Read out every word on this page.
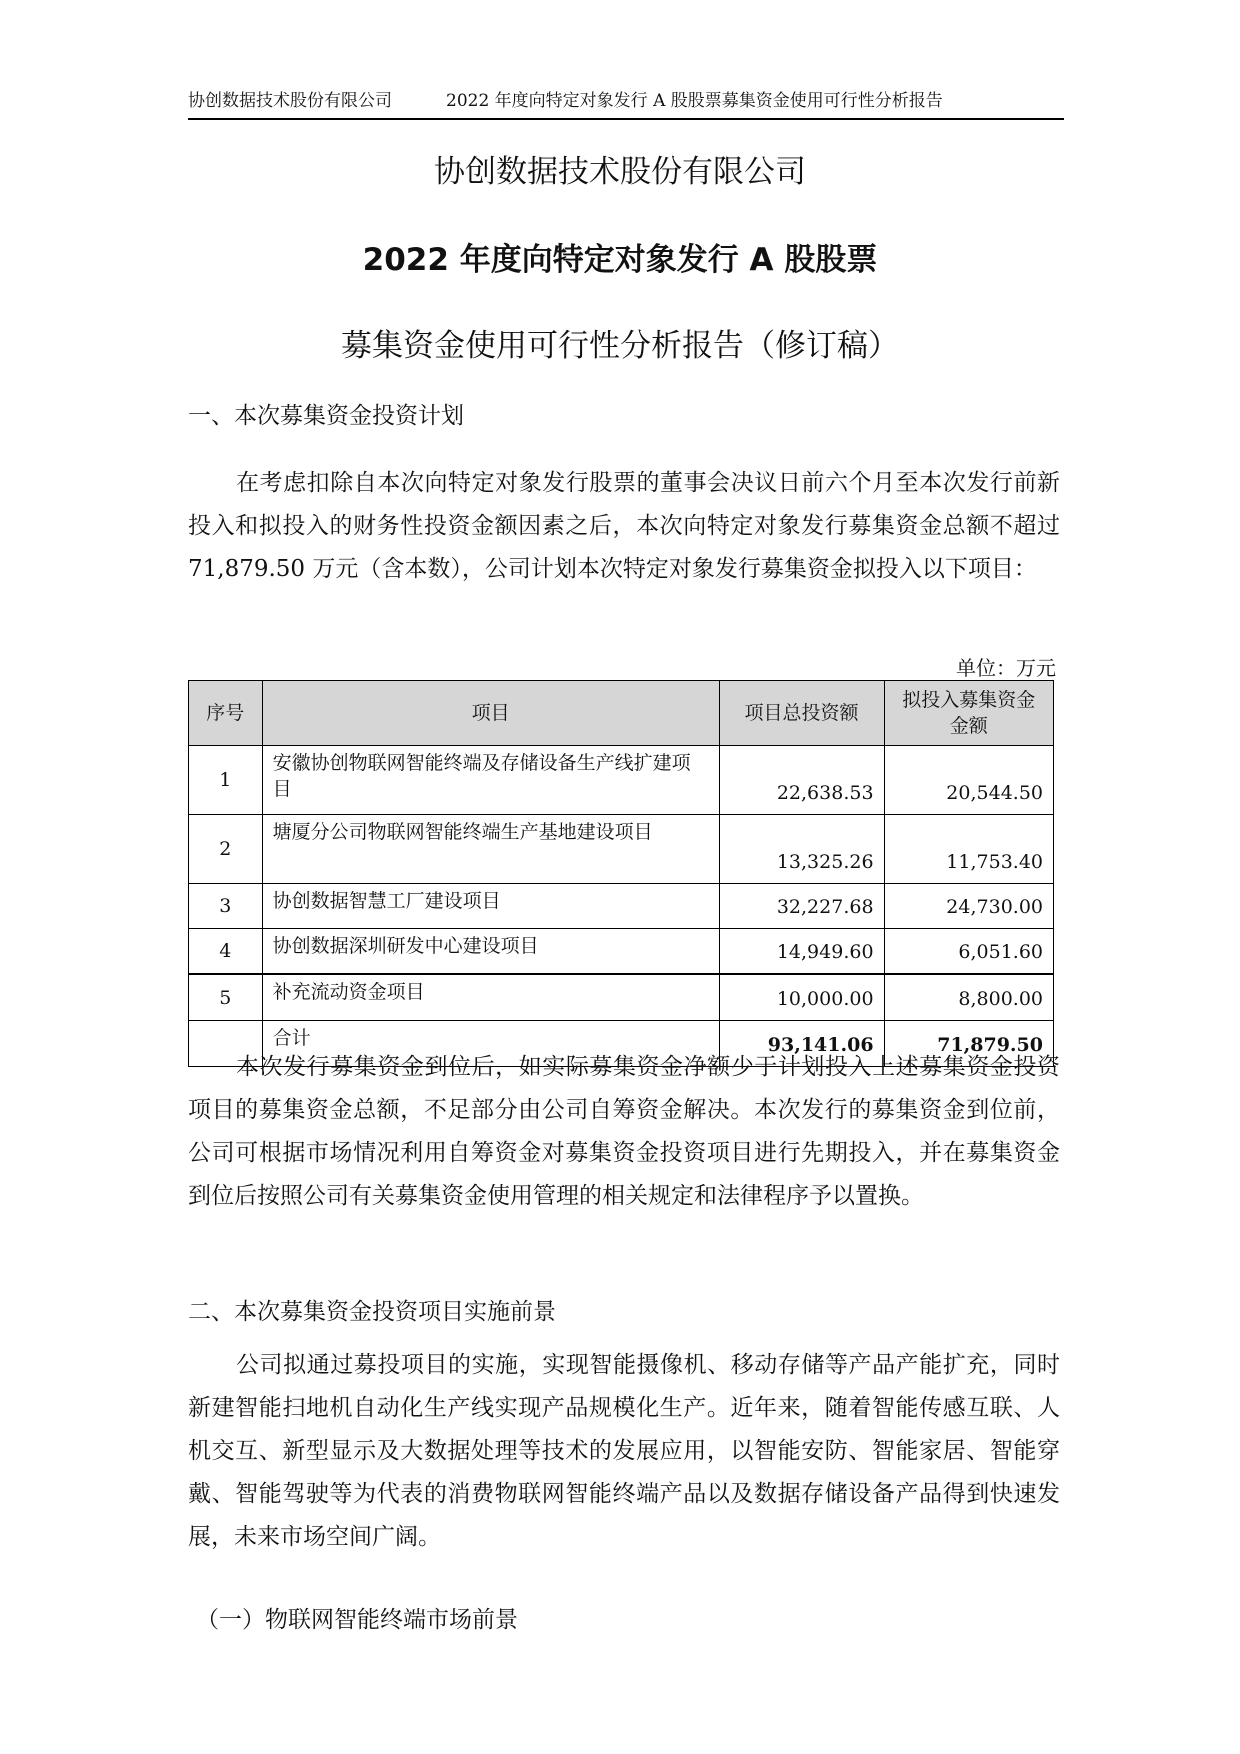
协创数据技术股份有限公司	2022 年度向特定对象发行 A 股股票募集资金使用可行性分析报告
协创数据技术股份有限公司
2022 年度向特定对象发行 A 股股票
募集资金使用可行性分析报告（修订稿）
一、本次募集资金投资计划

在考虑扣除自本次向特定对象发行股票的董事会决议日前六个月至本次发行前新投入和拟投入的财务性投资金额因素之后，本次向特定对象发行募集资金总额不超过 71,879.50 万元（含本数），公司计划本次特定对象发行募集资金拟投入以下项目：

单位：万元
序号	项目	项目总投资额	拟投入募集资金金额
1	安徽协创物联网智能终端及存储设备生产线扩建项目	22,638.53	20,544.50
2	塘厦分公司物联网智能终端生产基地建设项目	13,325.26	11,753.40
3	协创数据智慧工厂建设项目	32,227.68	24,730.00
4	协创数据深圳研发中心建设项目	14,949.60	6,051.60
5	补充流动资金项目	10,000.00	8,800.00
	合计	93,141.06	71,879.50

本次发行募集资金到位后，如实际募集资金净额少于计划投入上述募集资金投资项目的募集资金总额，不足部分由公司自筹资金解决。本次发行的募集资金到位前，公司可根据市场情况利用自筹资金对募集资金投资项目进行先期投入，并在募集资金到位后按照公司有关募集资金使用管理的相关规定和法律程序予以置换。

二、本次募集资金投资项目实施前景

公司拟通过募投项目的实施，实现智能摄像机、移动存储等产品产能扩充，同时新建智能扫地机自动化生产线实现产品规模化生产。近年来，随着智能传感互联、人机交互、新型显示及大数据处理等技术的发展应用，以智能安防、智能家居、智能穿戴、智能驾驶等为代表的消费物联网智能终端产品以及数据存储设备产品得到快速发展，未来市场空间广阔。

（一）物联网智能终端市场前景
